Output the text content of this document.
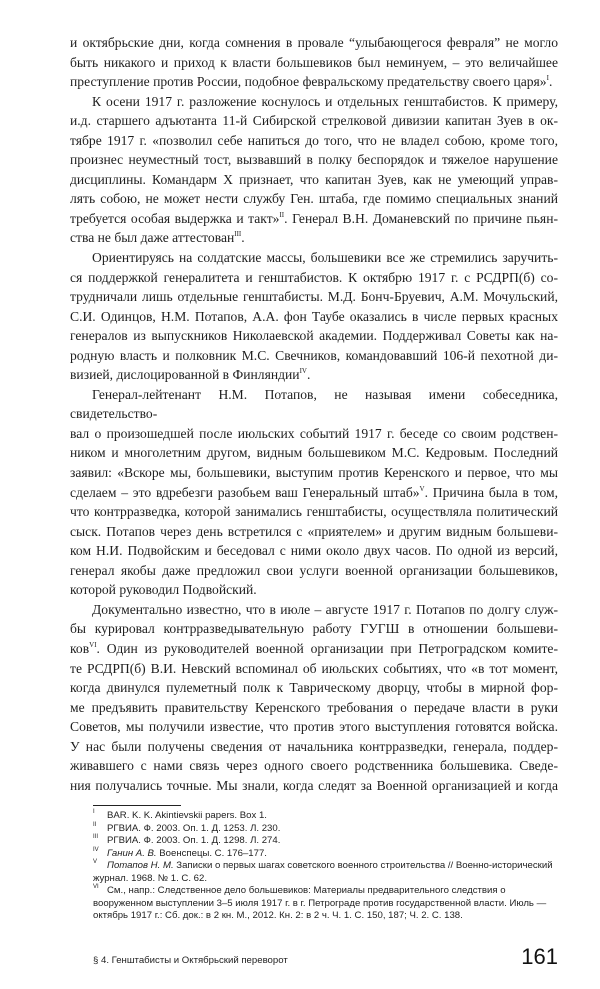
и октябрьские дни, когда сомнения в провале “улыбающегося февраля” не могло
быть никакого и приход к власти большевиков был неминуем, – это величайшее
преступление против России, подобное февральскому предательству своего царя»$^I$.
К осени 1917 г. разложение коснулось и отдельных генштабистов. К примеру,
и.д. старшего адъютанта 11-й Сибирской стрелковой дивизии капитан Зуев в ок-
тябре 1917 г. «позволил себе напиться до того, что не владел собою, кроме того,
произнес неуместный тост, вызвавший в полку беспорядок и тяжелое нарушение
дисциплины. Командарм Х признает, что капитан Зуев, как не умеющий управ-
лять собою, не может нести службу Ген. штаба, где помимо специальных знаний
требуется особая выдержка и такт»$^{II}$. Генерал В.Н. Доманевский по причине пьян-
ства не был даже аттестован$^{III}$.
Ориентируясь на солдатские массы, большевики все же стремились заручить-
ся поддержкой генералитета и генштабистов. К октябрю 1917 г. с РСДРП(б) со-
трудничали лишь отдельные генштабисты. М.Д. Бонч-Бруевич, А.М. Мочульский,
С.И. Одинцов, Н.М. Потапов, А.А. фон Таубе оказались в числе первых красных
генералов из выпускников Николаевской академии. Поддерживал Советы как на-
родную власть и полковник М.С. Свечников, командовавший 106-й пехотной ди-
визией, дислоцированной в Финляндии$^{IV}$.
Генерал-лейтенант Н.М. Потапов, не называя имени собеседника, свидетельство-
вал о произошедшей после июльских событий 1917 г. беседе со своим родствен-
ником и многолетним другом, видным большевиком М.С. Кедровым. Последний
заявил: «Вскоре мы, большевики, выступим против Керенского и первое, что мы
сделаем – это вдребезги разобьем ваш Генеральный штаб»$^V$. Причина была в том,
что контрразведка, которой занимались генштабисты, осуществляла политический
сыск. Потапов через день встретился с «приятелем» и другим видным большеви-
ком Н.И. Подвойским и беседовал с ними около двух часов. По одной из версий,
генерал якобы даже предложил свои услуги военной организации большевиков,
которой руководил Подвойский.
Документально известно, что в июле – августе 1917 г. Потапов по долгу служ-
бы курировал контрразведывательную работу ГУГШ в отношении большеви-
ков$^{VI}$. Один из руководителей военной организации при Петроградском комите-
те РСДРП(б) В.И. Невский вспоминал об июльских событиях, что «в тот момент,
когда двинулся пулеметный полк к Таврическому дворцу, чтобы в мирной фор-
ме предъявить правительству Керенского требования о передаче власти в руки
Советов, мы получили известие, что против этого выступления готовятся войска.
У нас были получены сведения от начальника контрразведки, генерала, поддер-
живавшего с нами связь через одного своего родственника большевика. Сведе-
ния получались точные. Мы знали, когда следят за Военной организацией и когда
I BAR. K. K. Akintievskii papers. Box 1.
II РГВИА. Ф. 2003. Оп. 1. Д. 1253. Л. 230.
III РГВИА. Ф. 2003. Оп. 1. Д. 1298. Л. 274.
IV Ганин А. В. Военспецы. С. 176–177.
V Потапов Н. М. Записки о первых шагах советского военного строительства // Военно-исторический журнал. 1968. № 1. С. 62.
VI См., напр.: Следственное дело большевиков: Материалы предварительного следствия о вооруженном выступлении 3–5 июля 1917 г. в г. Петрограде против государственной власти. Июль — октябрь 1917 г.: Сб. док.: в 2 кн. М., 2012. Кн. 2: в 2 ч. Ч. 1. С. 150, 187; Ч. 2. С. 138.
§ 4. Генштабисты и Октябрьский переворот	161
